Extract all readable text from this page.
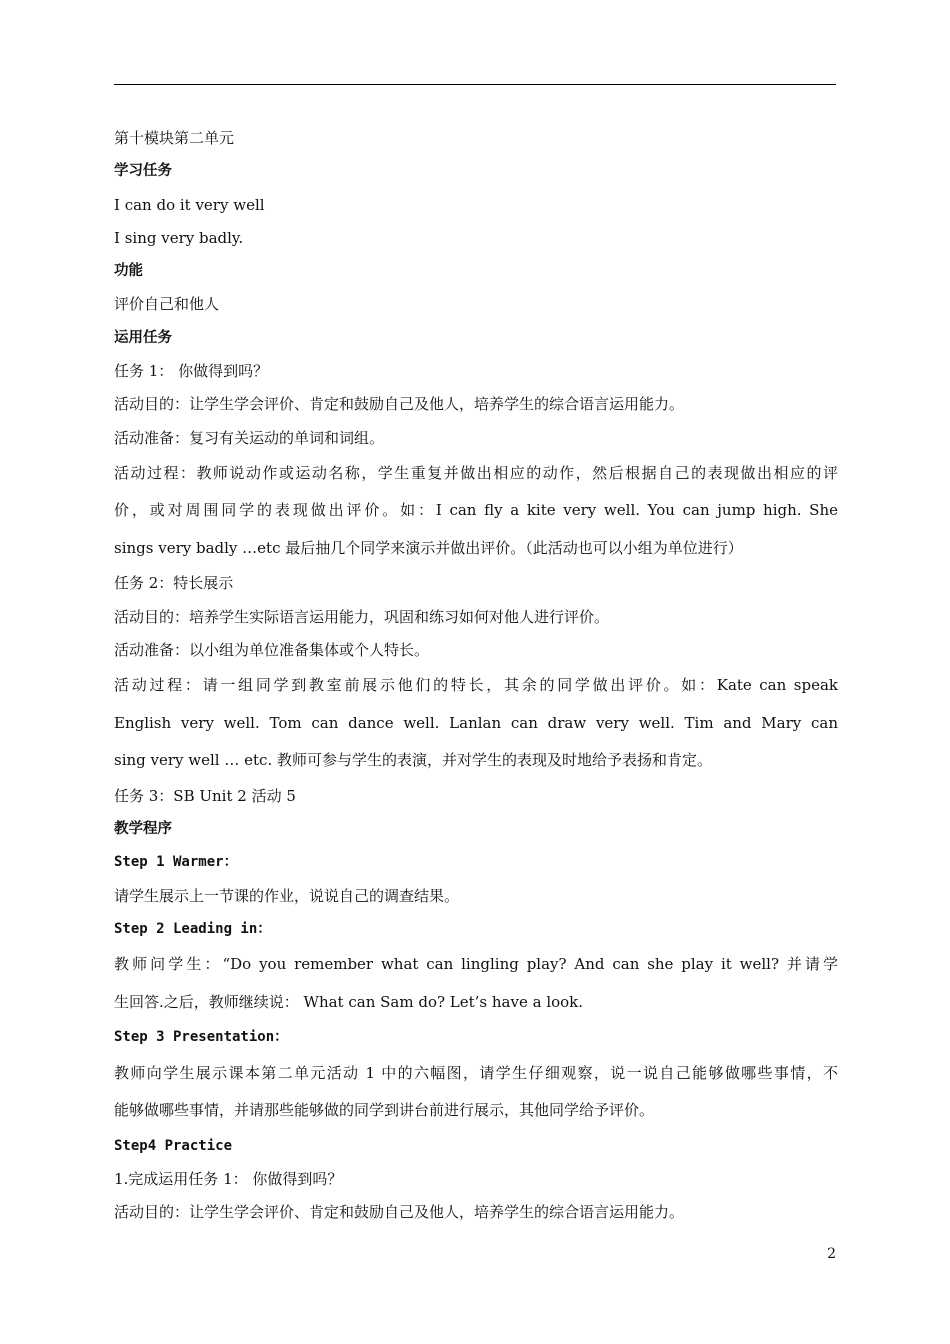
第十模块第二单元
学习任务
I can do it very well
I sing very badly.
功能
评价自己和他人
运用任务
任务 1： 你做得到吗？
活动目的：让学生学会评价、肯定和鼓励自己及他人，培养学生的综合语言运用能力。
活动准备：复习有关运动的单词和词组。
活动过程：教师说动作或运动名称，学生重复并做出相应的动作，然后根据自己的表现做出相应的评
价，或对周围同学的表现做出评价。如：I can fly a kite very well. You can jump high. She
sings very badly …etc 最后抽几个同学来演示并做出评价。（此活动也可以小组为单位进行）
任务 2：特长展示
活动目的：培养学生实际语言运用能力，巩固和练习如何对他人进行评价。
活动准备：以小组为单位准备集体或个人特长。
活动过程：请一组同学到教室前展示他们的特长，其余的同学做出评价。如：Kate can speak
English very well. Tom can dance well. Lanlan can draw very well. Tim and Mary can
sing very well … etc. 教师可参与学生的表演，并对学生的表现及时地给予表扬和肯定。
任务 3：SB Unit 2 活动 5
教学程序
Step 1 Warmer：
请学生展示上一节课的作业，说说自己的调查结果。
Step 2 Leading in：
教师问学生：“Do you remember what can lingling play? And can she play it well? 并请学
生回答.之后，教师继续说： What can Sam do? Let’s have a look.
Step 3 Presentation：
教师向学生展示课本第二单元活动 1 中的六幅图，请学生仔细观察，说一说自己能够做哪些事情，不
能够做哪些事情，并请那些能够做的同学到讲台前进行展示，其他同学给予评价。
Step4 Practice
1.完成运用任务 1： 你做得到吗？
活动目的：让学生学会评价、肯定和鼓励自己及他人，培养学生的综合语言运用能力。
2
